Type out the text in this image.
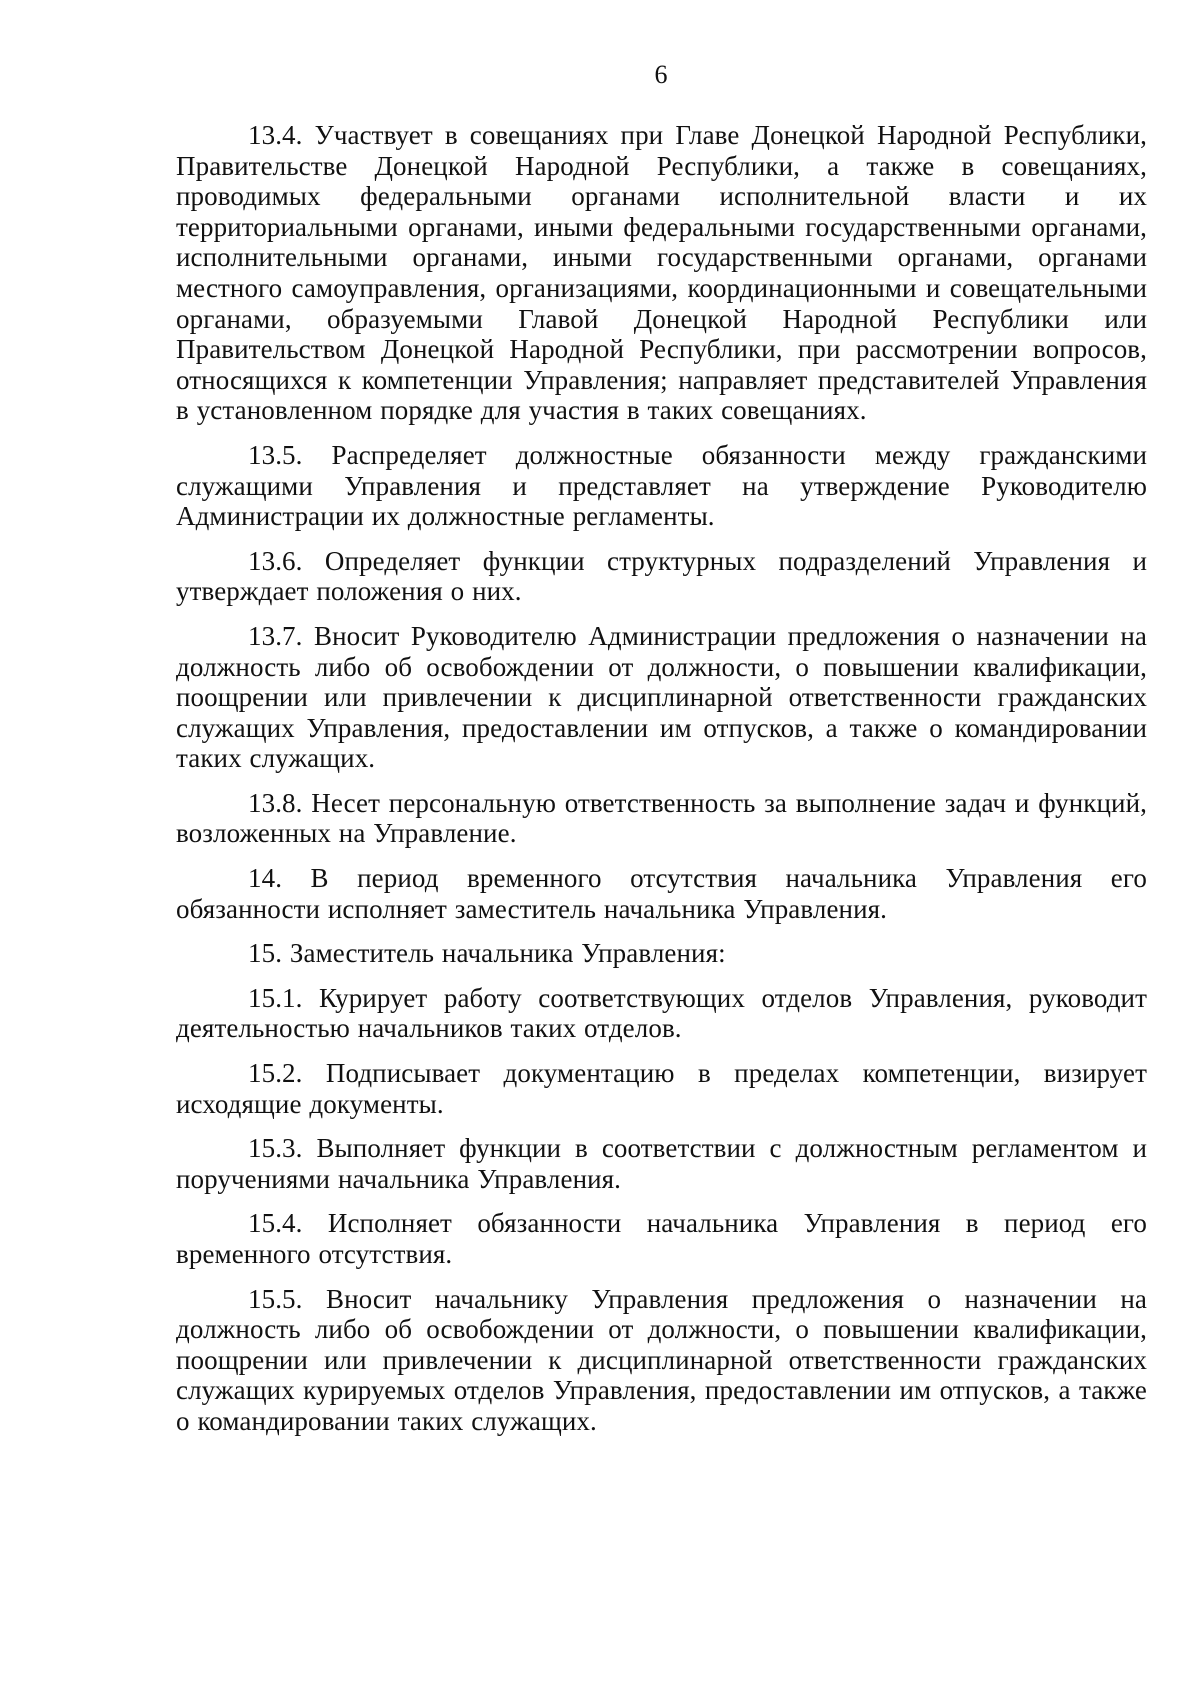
6

13.4. Участвует в совещаниях при Главе Донецкой Народной Республики, Правительстве Донецкой Народной Республики, а также в совещаниях, проводимых федеральными органами исполнительной власти и их территориальными органами, иными федеральными государственными органами, исполнительными органами, иными государственными органами, органами местного самоуправления, организациями, координационными и совещательными органами, образуемыми Главой Донецкой Народной Республики или Правительством Донецкой Народной Республики, при рассмотрении вопросов, относящихся к компетенции Управления; направляет представителей Управления в установленном порядке для участия в таких совещаниях.

13.5. Распределяет должностные обязанности между гражданскими служащими Управления и представляет на утверждение Руководителю Администрации их должностные регламенты.

13.6. Определяет функции структурных подразделений Управления и утверждает положения о них.

13.7. Вносит Руководителю Администрации предложения о назначении на должность либо об освобождении от должности, о повышении квалификации, поощрении или привлечении к дисциплинарной ответственности гражданских служащих Управления, предоставлении им отпусков, а также о командировании таких служащих.

13.8. Несет персональную ответственность за выполнение задач и функций, возложенных на Управление.

14. В период временного отсутствия начальника Управления его обязанности исполняет заместитель начальника Управления.

15. Заместитель начальника Управления:

15.1. Курирует работу соответствующих отделов Управления, руководит деятельностью начальников таких отделов.

15.2. Подписывает документацию в пределах компетенции, визирует исходящие документы.

15.3. Выполняет функции в соответствии с должностным регламентом и поручениями начальника Управления.

15.4. Исполняет обязанности начальника Управления в период его временного отсутствия.

15.5. Вносит начальнику Управления предложения о назначении на должность либо об освобождении от должности, о повышении квалификации, поощрении или привлечении к дисциплинарной ответственности гражданских служащих курируемых отделов Управления, предоставлении им отпусков, а также о командировании таких служащих.
